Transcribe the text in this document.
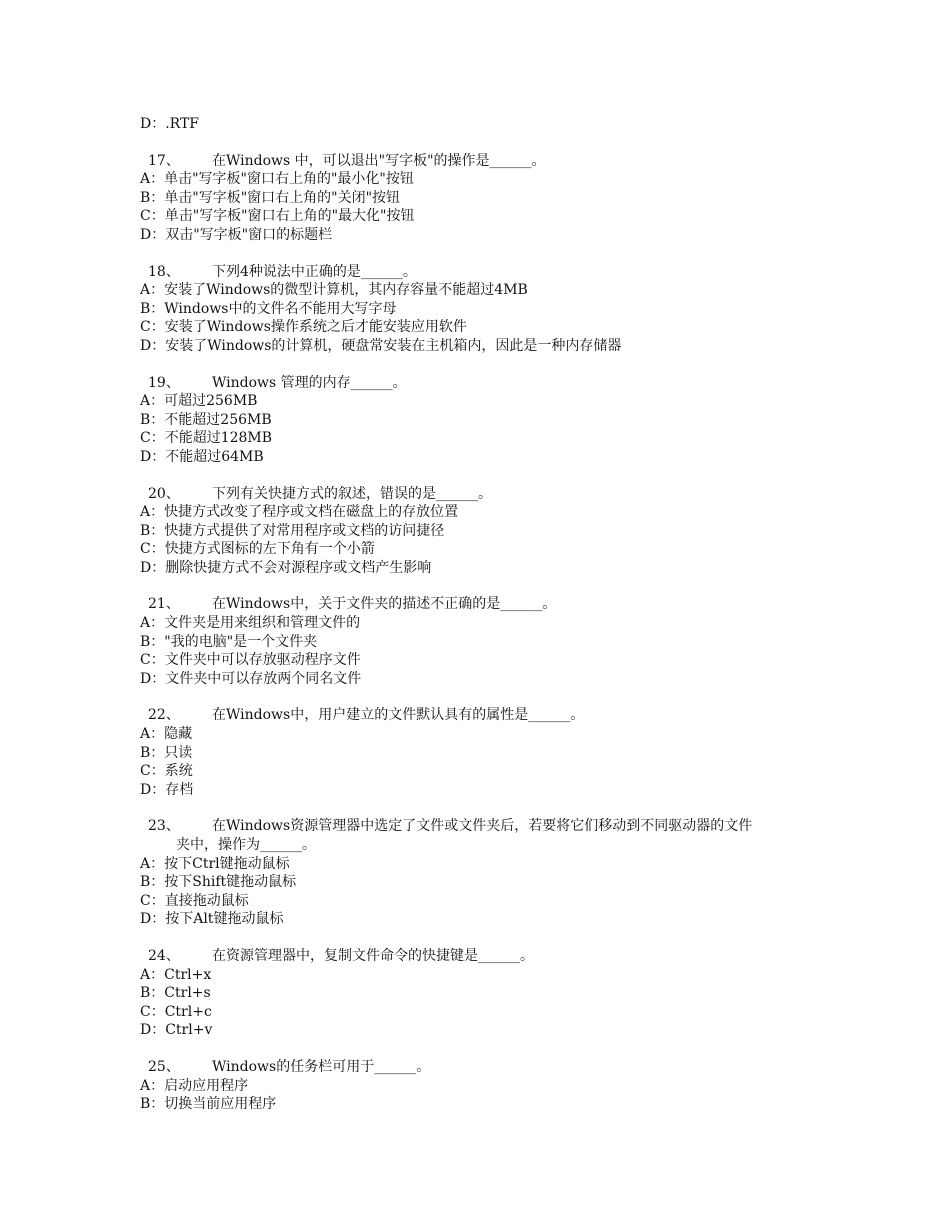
D：.RTF
17、	在Windows 中，可以退出"写字板"的操作是______。
A：单击"写字板"窗口右上角的"最小化"按钮
B：单击"写字板"窗口右上角的"关闭"按钮
C：单击"写字板"窗口右上角的"最大化"按钮
D：双击"写字板"窗口的标题栏
18、	下列4种说法中正确的是______。
A：安装了Windows的微型计算机，其内存容量不能超过4MB
B：Windows中的文件名不能用大写字母
C：安装了Windows操作系统之后才能安装应用软件
D：安装了Windows的计算机，硬盘常安装在主机箱内，因此是一种内存储器
19、	Windows 管理的内存______。
A：可超过256MB
B：不能超过256MB
C：不能超过128MB
D：不能超过64MB
20、	下列有关快捷方式的叙述，错误的是______。
A：快捷方式改变了程序或文档在磁盘上的存放位置
B：快捷方式提供了对常用程序或文档的访问捷径
C：快捷方式图标的左下角有一个小箭
D：删除快捷方式不会对源程序或文档产生影响
21、	在Windows中，关于文件夹的描述不正确的是______。
A：文件夹是用来组织和管理文件的
B："我的电脑"是一个文件夹
C：文件夹中可以存放驱动程序文件
D：文件夹中可以存放两个同名文件
22、	在Windows中，用户建立的文件默认具有的属性是______。
A：隐藏
B：只读
C：系统
D：存档
23、	在Windows资源管理器中选定了文件或文件夹后，若要将它们移动到不同驱动器的文件
夹中，操作为______。
A：按下Ctrl键拖动鼠标
B：按下Shift键拖动鼠标
C：直接拖动鼠标
D：按下Alt键拖动鼠标
24、	在资源管理器中，复制文件命令的快捷键是______。
A：Ctrl+x
B：Ctrl+s
C：Ctrl+c
D：Ctrl+v
25、	Windows的任务栏可用于______。
A：启动应用程序
B：切换当前应用程序
